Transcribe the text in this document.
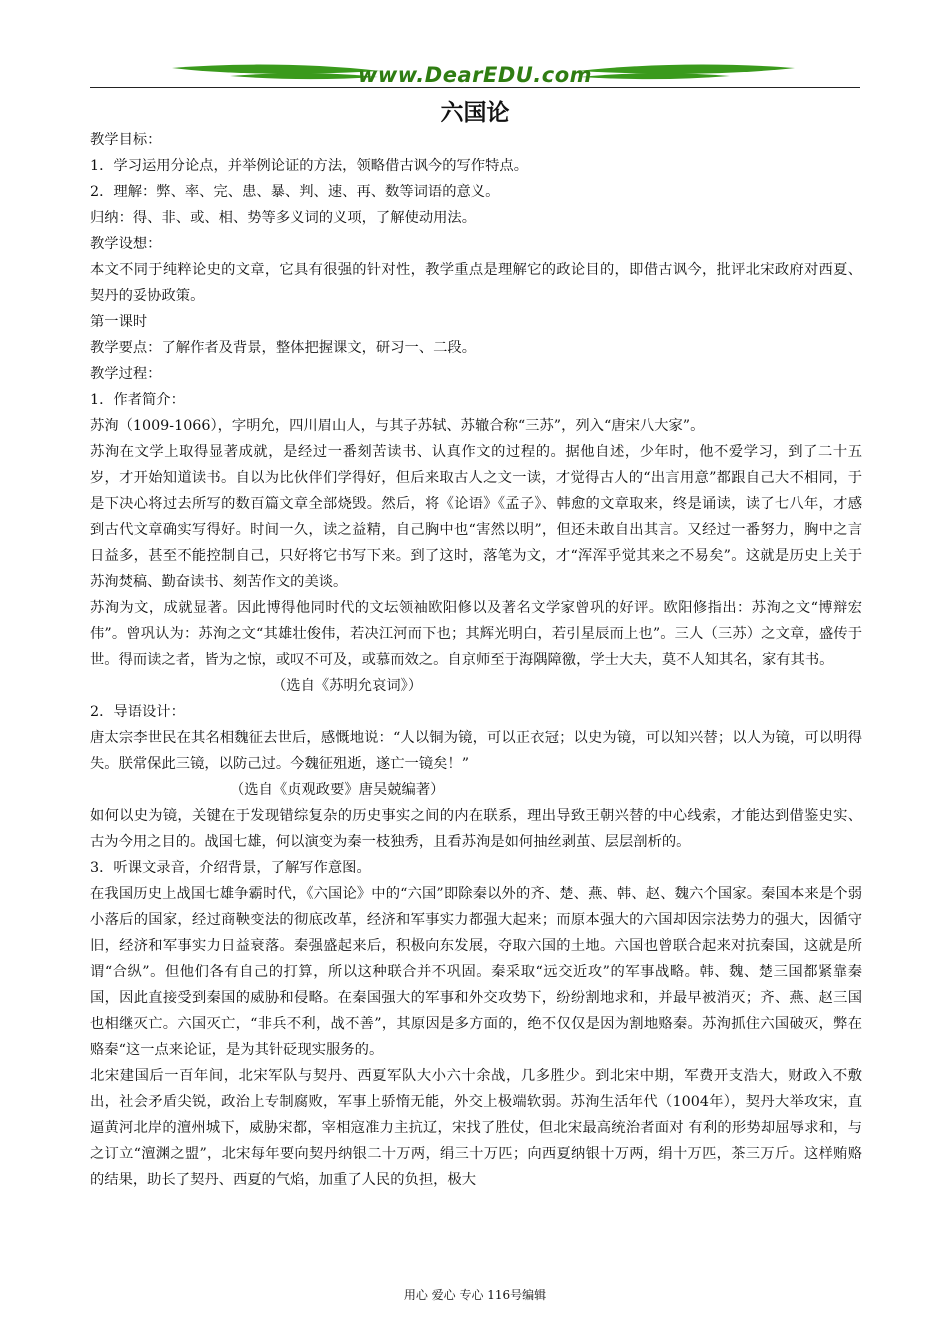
www.DearEDU.com
六国论

教学目标：

1．学习运用分论点，并举例论证的方法，领略借古讽今的写作特点。

2．理解：弊、率、完、患、暴、判、速、再、数等词语的意义。

归纳：得、非、或、相、势等多义词的义项，了解使动用法。

教学设想：

本文不同于纯粹论史的文章，它具有很强的针对性，教学重点是理解它的政论目的，即借古讽今，批评北宋政府对西夏、契丹的妥协政策。

第一课时

教学要点：了解作者及背景，整体把握课文，研习一、二段。

教学过程：

1．作者简介：

苏洵（1009-1066），字明允，四川眉山人，与其子苏轼、苏辙合称“三苏”，列入“唐宋八大家”。

苏洵在文学上取得显著成就，是经过一番刻苦读书、认真作文的过程的。据他自述，少年时，他不爱学习，到了二十五岁，才开始知道读书。自以为比伙伴们学得好，但后来取古人之文一读，才觉得古人的“出言用意”都跟自己大不相同，于是下决心将过去所写的数百篇文章全部烧毁。然后，将《论语》《孟子》、韩愈的文章取来，终是诵读，读了七八年，才感到古代文章确实写得好。时间一久，读之益精，自己胸中也“害然以明”，但还未敢自出其言。又经过一番努力，胸中之言日益多，甚至不能控制自己，只好将它书写下来。到了这时，落笔为文，才“浑浑乎觉其来之不易矣”。这就是历史上关于苏洵焚稿、勤奋读书、刻苦作文的美谈。

苏洵为文，成就显著。因此博得他同时代的文坛领袖欧阳修以及著名文学家曾巩的好评。欧阳修指出：苏洵之文“博辩宏伟”。曾巩认为：苏洵之文“其雄壮俊伟，若决江河而下也；其辉光明白，若引星辰而上也”。三人（三苏）之文章，盛传于世。得而读之者，皆为之惊，或叹不可及，或慕而效之。自京师至于海隅障徼，学士大夫，莫不人知其名，家有其书。

（选自《苏明允哀词》）

2．导语设计：

唐太宗李世民在其名相魏征去世后，感慨地说：“人以铜为镜，可以正衣冠；以史为镜，可以知兴替；以人为镜，可以明得失。朕常保此三镜，以防己过。今魏征殂逝，遂亡一镜矣！”

（选自《贞观政要》唐吴兢编著）

如何以史为镜，关键在于发现错综复杂的历史事实之间的内在联系，理出导致王朝兴替的中心线索，才能达到借鉴史实、古为今用之目的。战国七雄，何以演变为秦一枝独秀，且看苏洵是如何抽丝剥茧、层层剖析的。

3．听课文录音，介绍背景，了解写作意图。

在我国历史上战国七雄争霸时代，《六国论》中的“六国”即除秦以外的齐、楚、燕、韩、赵、魏六个国家。秦国本来是个弱小落后的国家，经过商鞅变法的彻底改革，经济和军事实力都强大起来；而原本强大的六国却因宗法势力的强大，因循守旧，经济和军事实力日益衰落。秦强盛起来后，积极向东发展，夺取六国的土地。六国也曾联合起来对抗秦国，这就是所谓“合纵”。但他们各有自己的打算，所以这种联合并不巩固。秦采取“远交近攻”的军事战略。韩、魏、楚三国都紧靠秦国，因此直接受到秦国的威胁和侵略。在秦国强大的军事和外交攻势下，纷纷割地求和，并最早被消灭；齐、燕、赵三国也相继灭亡。六国灭亡，“非兵不利，战不善”，其原因是多方面的，绝不仅仅是因为割地赂秦。苏洵抓住六国破灭，弊在赂秦“这一点来论证，是为其针砭现实服务的。

北宋建国后一百年间，北宋军队与契丹、西夏军队大小六十余战，几多胜少。到北宋中期，军费开支浩大，财政入不敷出，社会矛盾尖锐，政治上专制腐败，军事上骄惰无能，外交上极端软弱。苏洵生活年代（1004年），契丹大举攻宋，直逼黄河北岸的澶州城下，威胁宋都，宰相寇准力主抗辽，宋找了胜仗，但北宋最高统治者面对 有利的形势却屈辱求和，与之订立“澶渊之盟”，北宋每年要向契丹纳银二十万两，绢三十万匹；向西夏纳银十万两，绢十万匹，茶三万斤。这样贿赂的结果，助长了契丹、西夏的气焰，加重了人民的负担，极大

用心 爱心 专心 116号编辑
